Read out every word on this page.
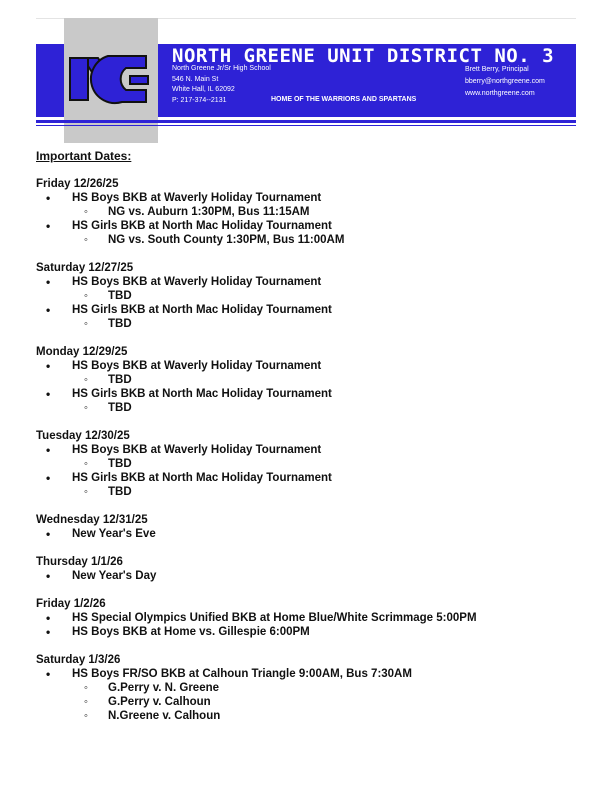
NG
NORTH GREENE UNIT DISTRICT NO. 3
North Greene Jr/Sr High School
546 N. Main St
White Hall, IL 62092
P: 217-374--2131
Brett Berry, Principal
bberry@northgreene.com
www.northgreene.com
HOME OF THE WARRIORS AND SPARTANS
Important Dates:
Friday 12/26/25
• HS Boys BKB at Waverly Holiday Tournament
◦ NG vs. Auburn 1:30PM, Bus 11:15AM
• HS Girls BKB at North Mac Holiday Tournament
◦ NG vs. South County 1:30PM, Bus 11:00AM
Saturday 12/27/25
• HS Boys BKB at Waverly Holiday Tournament
◦ TBD
• HS Girls BKB at North Mac Holiday Tournament
◦ TBD
Monday 12/29/25
• HS Boys BKB at Waverly Holiday Tournament
◦ TBD
• HS Girls BKB at North Mac Holiday Tournament
◦ TBD
Tuesday 12/30/25
• HS Boys BKB at Waverly Holiday Tournament
◦ TBD
• HS Girls BKB at North Mac Holiday Tournament
◦ TBD
Wednesday 12/31/25
• New Year's Eve
Thursday 1/1/26
• New Year's Day
Friday 1/2/26
• HS Special Olympics Unified BKB at Home Blue/White Scrimmage 5:00PM
• HS Boys BKB at Home vs. Gillespie 6:00PM
Saturday 1/3/26
• HS Boys FR/SO BKB at Calhoun Triangle 9:00AM, Bus 7:30AM
◦ G.Perry v. N. Greene
◦ G.Perry v. Calhoun
◦ N.Greene v. Calhoun
